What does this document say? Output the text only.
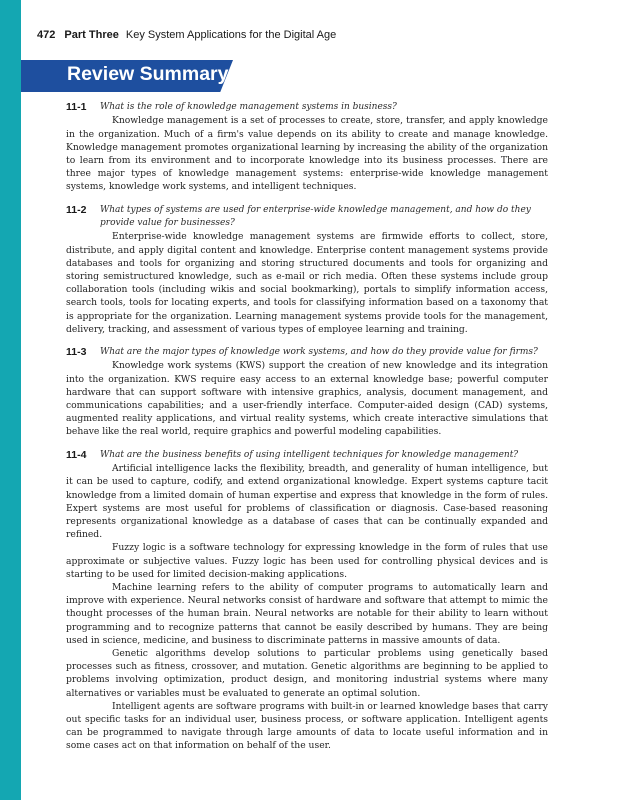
472 Part Three Key System Applications for the Digital Age
Review Summary
11-1 What is the role of knowledge management systems in business?

Knowledge management is a set of processes to create, store, transfer, and apply knowledge in the organization. Much of a firm's value depends on its ability to create and manage knowledge. Knowledge management promotes organizational learning by increasing the ability of the organization to learn from its environment and to incorporate knowledge into its business processes. There are three major types of knowledge management systems: enterprise-wide knowledge management systems, knowledge work systems, and intelligent techniques.

11-2 What types of systems are used for enterprise-wide knowledge management, and how do they provide value for businesses?

Enterprise-wide knowledge management systems are firmwide efforts to collect, store, distribute, and apply digital content and knowledge. Enterprise content management systems provide databases and tools for organizing and storing structured documents and tools for organizing and storing semistructured knowledge, such as e-mail or rich media. Often these systems include group collaboration tools (including wikis and social bookmarking), portals to simplify information access, search tools, tools for locating experts, and tools for classifying information based on a taxonomy that is appropriate for the organization. Learning management systems provide tools for the management, delivery, tracking, and assessment of various types of employee learning and training.

11-3 What are the major types of knowledge work systems, and how do they provide value for firms?

Knowledge work systems (KWS) support the creation of new knowledge and its integration into the organization. KWS require easy access to an external knowledge base; powerful computer hardware that can support software with intensive graphics, analysis, document management, and communications capabilities; and a user-friendly interface. Computer-aided design (CAD) systems, augmented reality applications, and virtual reality systems, which create interactive simulations that behave like the real world, require graphics and powerful modeling capabilities.

11-4 What are the business benefits of using intelligent techniques for knowledge management?

Artificial intelligence lacks the flexibility, breadth, and generality of human intelligence, but it can be used to capture, codify, and extend organizational knowledge. Expert systems capture tacit knowledge from a limited domain of human expertise and express that knowledge in the form of rules. Expert systems are most useful for problems of classification or diagnosis. Case-based reasoning represents organizational knowledge as a database of cases that can be continually expanded and refined.

Fuzzy logic is a software technology for expressing knowledge in the form of rules that use approximate or subjective values. Fuzzy logic has been used for controlling physical devices and is starting to be used for limited decision-making applications.

Machine learning refers to the ability of computer programs to automatically learn and improve with experience. Neural networks consist of hardware and software that attempt to mimic the thought processes of the human brain. Neural networks are notable for their ability to learn without programming and to recognize patterns that cannot be easily described by humans. They are being used in science, medicine, and business to discriminate patterns in massive amounts of data.

Genetic algorithms develop solutions to particular problems using genetically based processes such as fitness, crossover, and mutation. Genetic algorithms are beginning to be applied to problems involving optimization, product design, and monitoring industrial systems where many alternatives or variables must be evaluated to generate an optimal solution.

Intelligent agents are software programs with built-in or learned knowledge bases that carry out specific tasks for an individual user, business process, or software application. Intelligent agents can be programmed to navigate through large amounts of data to locate useful information and in some cases act on that information on behalf of the user.
